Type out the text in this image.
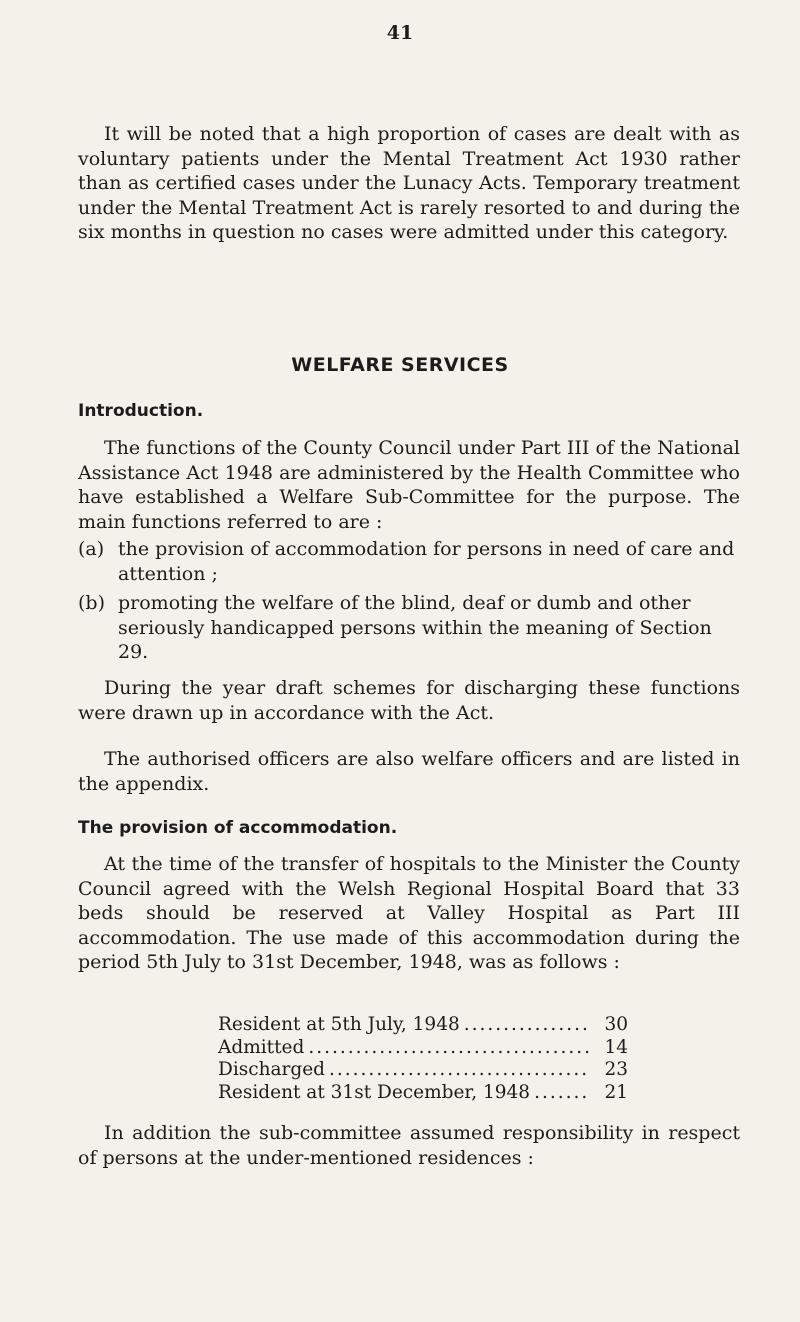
41

It will be noted that a high proportion of cases are dealt with as voluntary patients under the Mental Treatment Act 1930 rather than as certified cases under the Lunacy Acts. Temporary treatment under the Mental Treatment Act is rarely resorted to and during the six months in question no cases were admitted under this category.

WELFARE SERVICES
Introduction.

The functions of the County Council under Part III of the National Assistance Act 1948 are administered by the Health Committee who have established a Welfare Sub-Committee for the purpose. The main functions referred to are :

(a) the provision of accommodation for persons in need of care and attention ;
(b) promoting the welfare of the blind, deaf or dumb and other seriously handicapped persons within the meaning of Section 29.

During the year draft schemes for discharging these functions were drawn up in accordance with the Act.

The authorised officers are also welfare officers and are listed in the appendix.

The provision of accommodation.

At the time of the transfer of hospitals to the Minister the County Council agreed with the Welsh Regional Hospital Board that 33 beds should be reserved at Valley Hospital as Part III accommodation. The use made of this accommodation during the period 5th July to 31st December, 1948, was as follows :

Resident at 5th July, 1948 .....	30
Admitted .....	14
Discharged .....	23
Resident at 31st December, 1948 .....	21

In addition the sub-committee assumed responsibility in respect of persons at the under-mentioned residences :
